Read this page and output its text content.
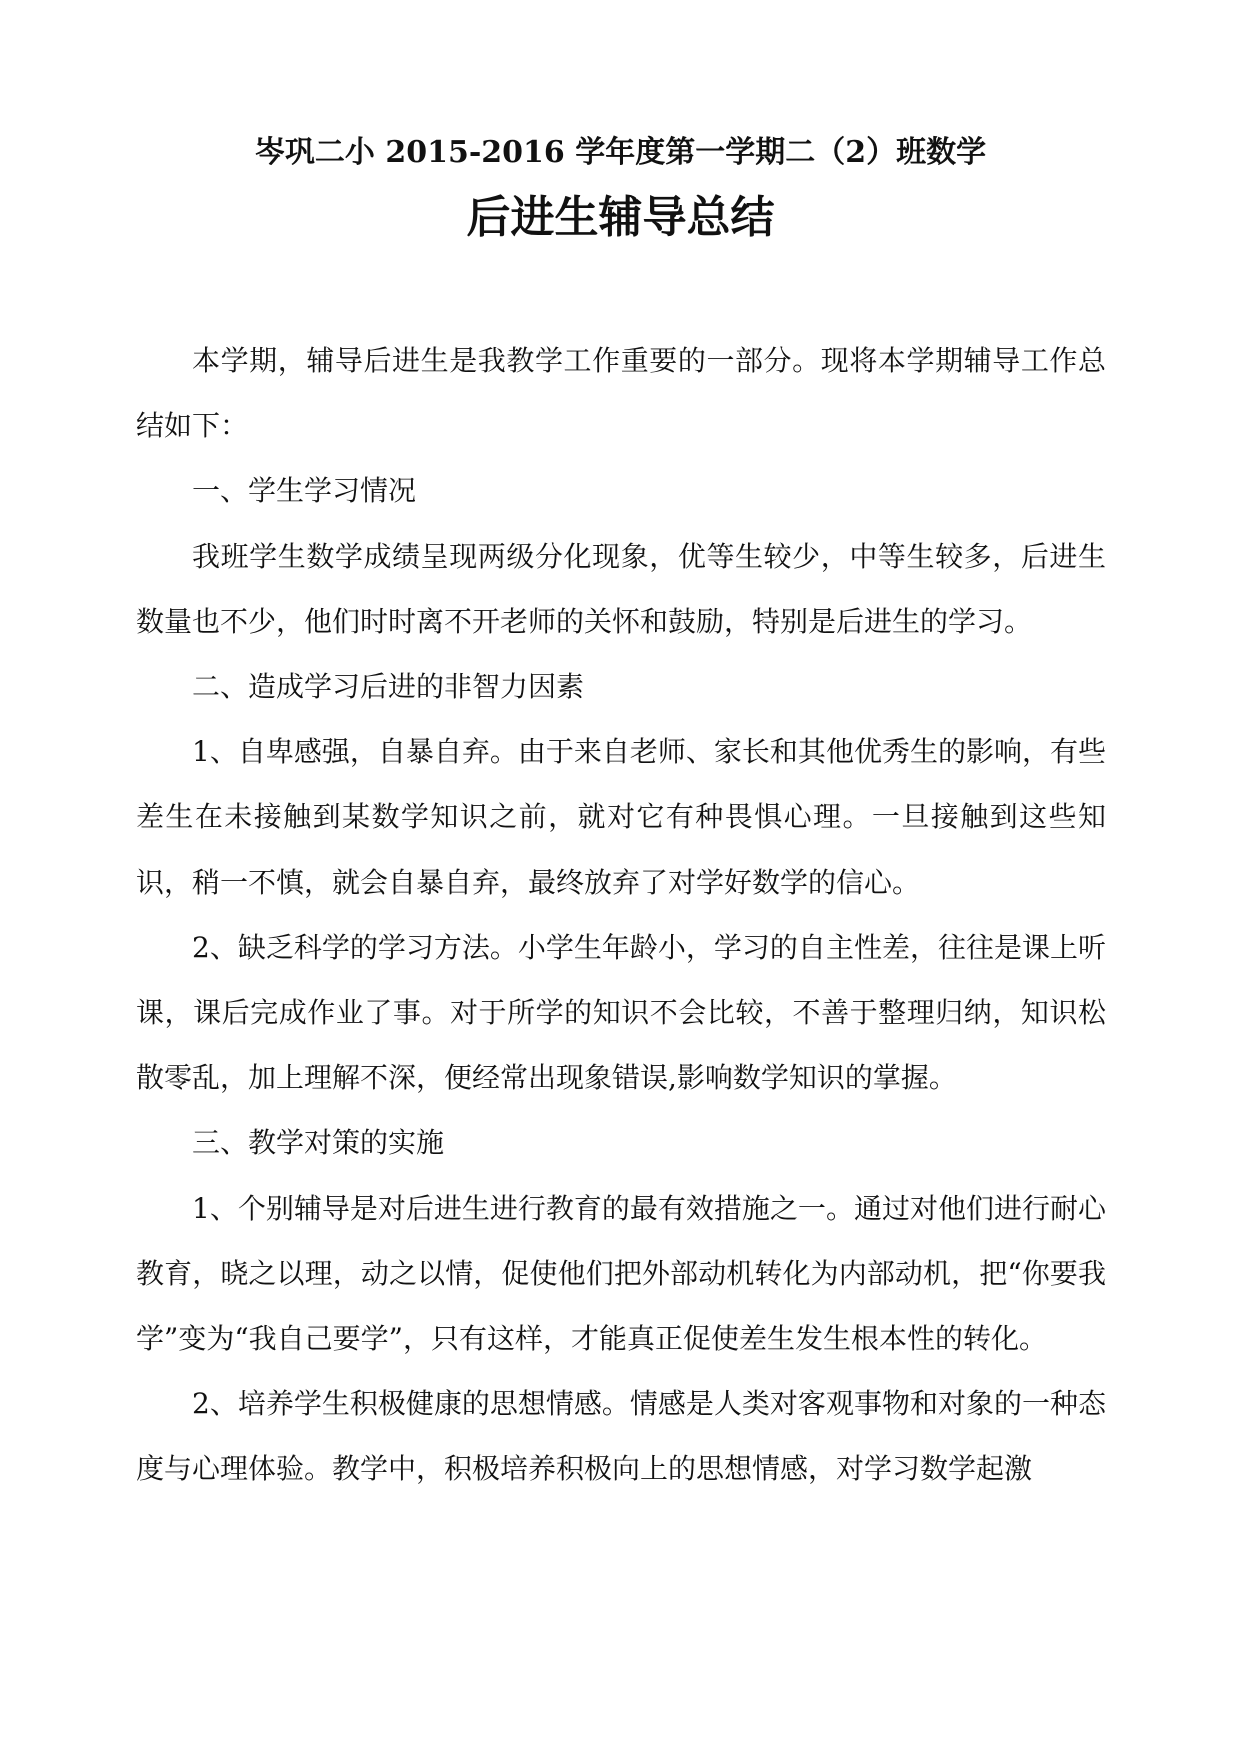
岑巩二小 2015-2016 学年度第一学期二（2）班数学
后进生辅导总结

本学期，辅导后进生是我教学工作重要的一部分。现将本学期辅导工作总结如下：

一、学生学习情况

我班学生数学成绩呈现两级分化现象，优等生较少，中等生较多，后进生数量也不少，他们时时离不开老师的关怀和鼓励，特别是后进生的学习。

二、造成学习后进的非智力因素

1、自卑感强，自暴自弃。由于来自老师、家长和其他优秀生的影响，有些差生在未接触到某数学知识之前，就对它有种畏惧心理。一旦接触到这些知识，稍一不慎，就会自暴自弃，最终放弃了对学好数学的信心。

2、缺乏科学的学习方法。小学生年龄小，学习的自主性差，往往是课上听课，课后完成作业了事。对于所学的知识不会比较，不善于整理归纳，知识松散零乱，加上理解不深，便经常出现象错误,影响数学知识的掌握。

三、教学对策的实施

1、个别辅导是对后进生进行教育的最有效措施之一。通过对他们进行耐心教育，晓之以理，动之以情，促使他们把外部动机转化为内部动机，把“你要我学”变为“我自己要学”，只有这样，才能真正促使差生发生根本性的转化。

2、培养学生积极健康的思想情感。情感是人类对客观事物和对象的一种态度与心理体验。教学中，积极培养积极向上的思想情感，对学习数学起激
